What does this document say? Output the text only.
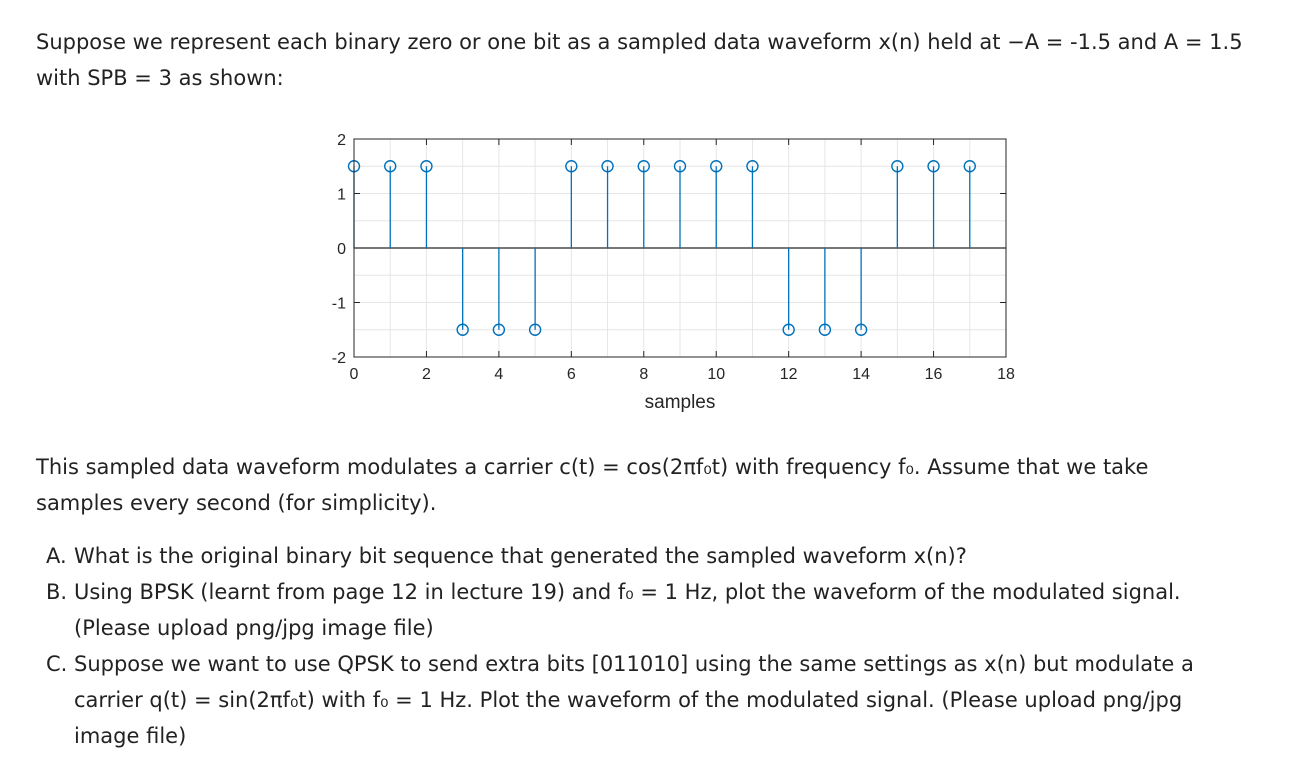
Suppose we represent each binary zero or one bit as a sampled data waveform x(n) held at −A = -1.5 and A = 1.5
with SPB = 3 as shown:

0	2	4	6	8	10	12	14	16	18
-2
-1
0
1
2
samples

This sampled data waveform modulates a carrier c(t) = cos(2πf₀t) with frequency f₀. Assume that we take
samples every second (for simplicity).

A. What is the original binary bit sequence that generated the sampled waveform x(n)?
B. Using BPSK (learnt from page 12 in lecture 19) and f₀ = 1 Hz, plot the waveform of the modulated signal.
(Please upload png/jpg image file)
C. Suppose we want to use QPSK to send extra bits [011010] using the same settings as x(n) but modulate a
carrier q(t) = sin(2πf₀t) with f₀ = 1 Hz. Plot the waveform of the modulated signal. (Please upload png/jpg
image file)
